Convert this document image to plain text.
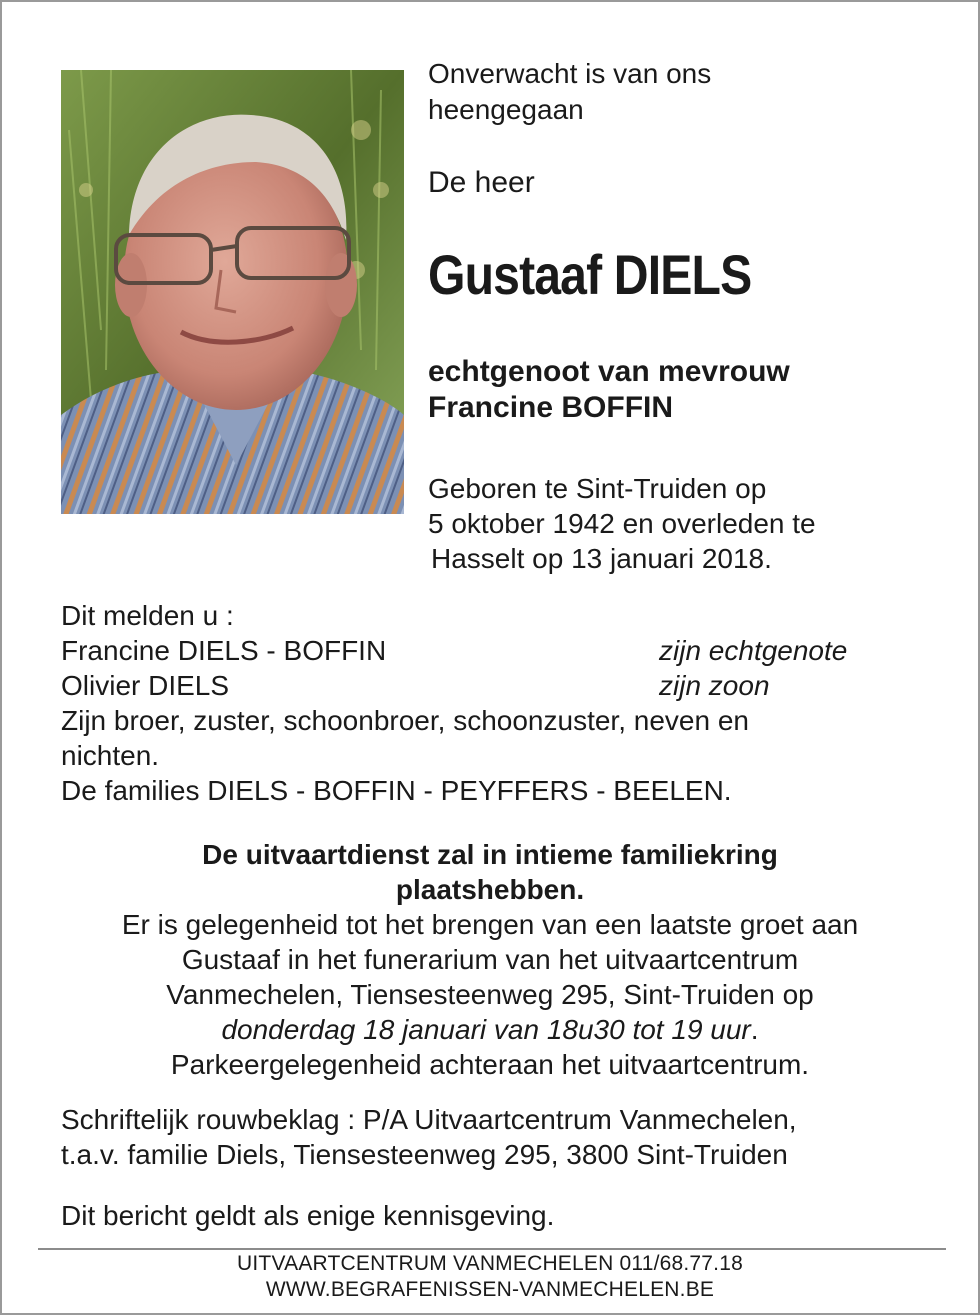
Onverwacht is van ons
heengegaan
De heer
Gustaaf DIELS
echtgenoot van mevrouw
Francine BOFFIN
Geboren te Sint-Truiden op
5 oktober 1942 en overleden te
Hasselt op 13 januari 2018.
Dit melden u :
Francine DIELS - BOFFIN	zijn echtgenote
Olivier DIELS	zijn zoon
Zijn broer, zuster, schoonbroer, schoonzuster, neven en
nichten.
De families DIELS - BOFFIN - PEYFFERS - BEELEN.
De uitvaartdienst zal in intieme familiekring
plaatshebben.
Er is gelegenheid tot het brengen van een laatste groet aan
Gustaaf in het funerarium van het uitvaartcentrum
Vanmechelen, Tiensesteenweg 295, Sint-Truiden op
donderdag 18 januari van 18u30 tot 19 uur.
Parkeergelegenheid achteraan het uitvaartcentrum.
Schriftelijk rouwbeklag : P/A Uitvaartcentrum Vanmechelen,
t.a.v. familie Diels, Tiensesteenweg 295, 3800 Sint-Truiden
Dit bericht geldt als enige kennisgeving.
UITVAARTCENTRUM VANMECHELEN 011/68.77.18
WWW.BEGRAFENISSEN-VANMECHELEN.BE
